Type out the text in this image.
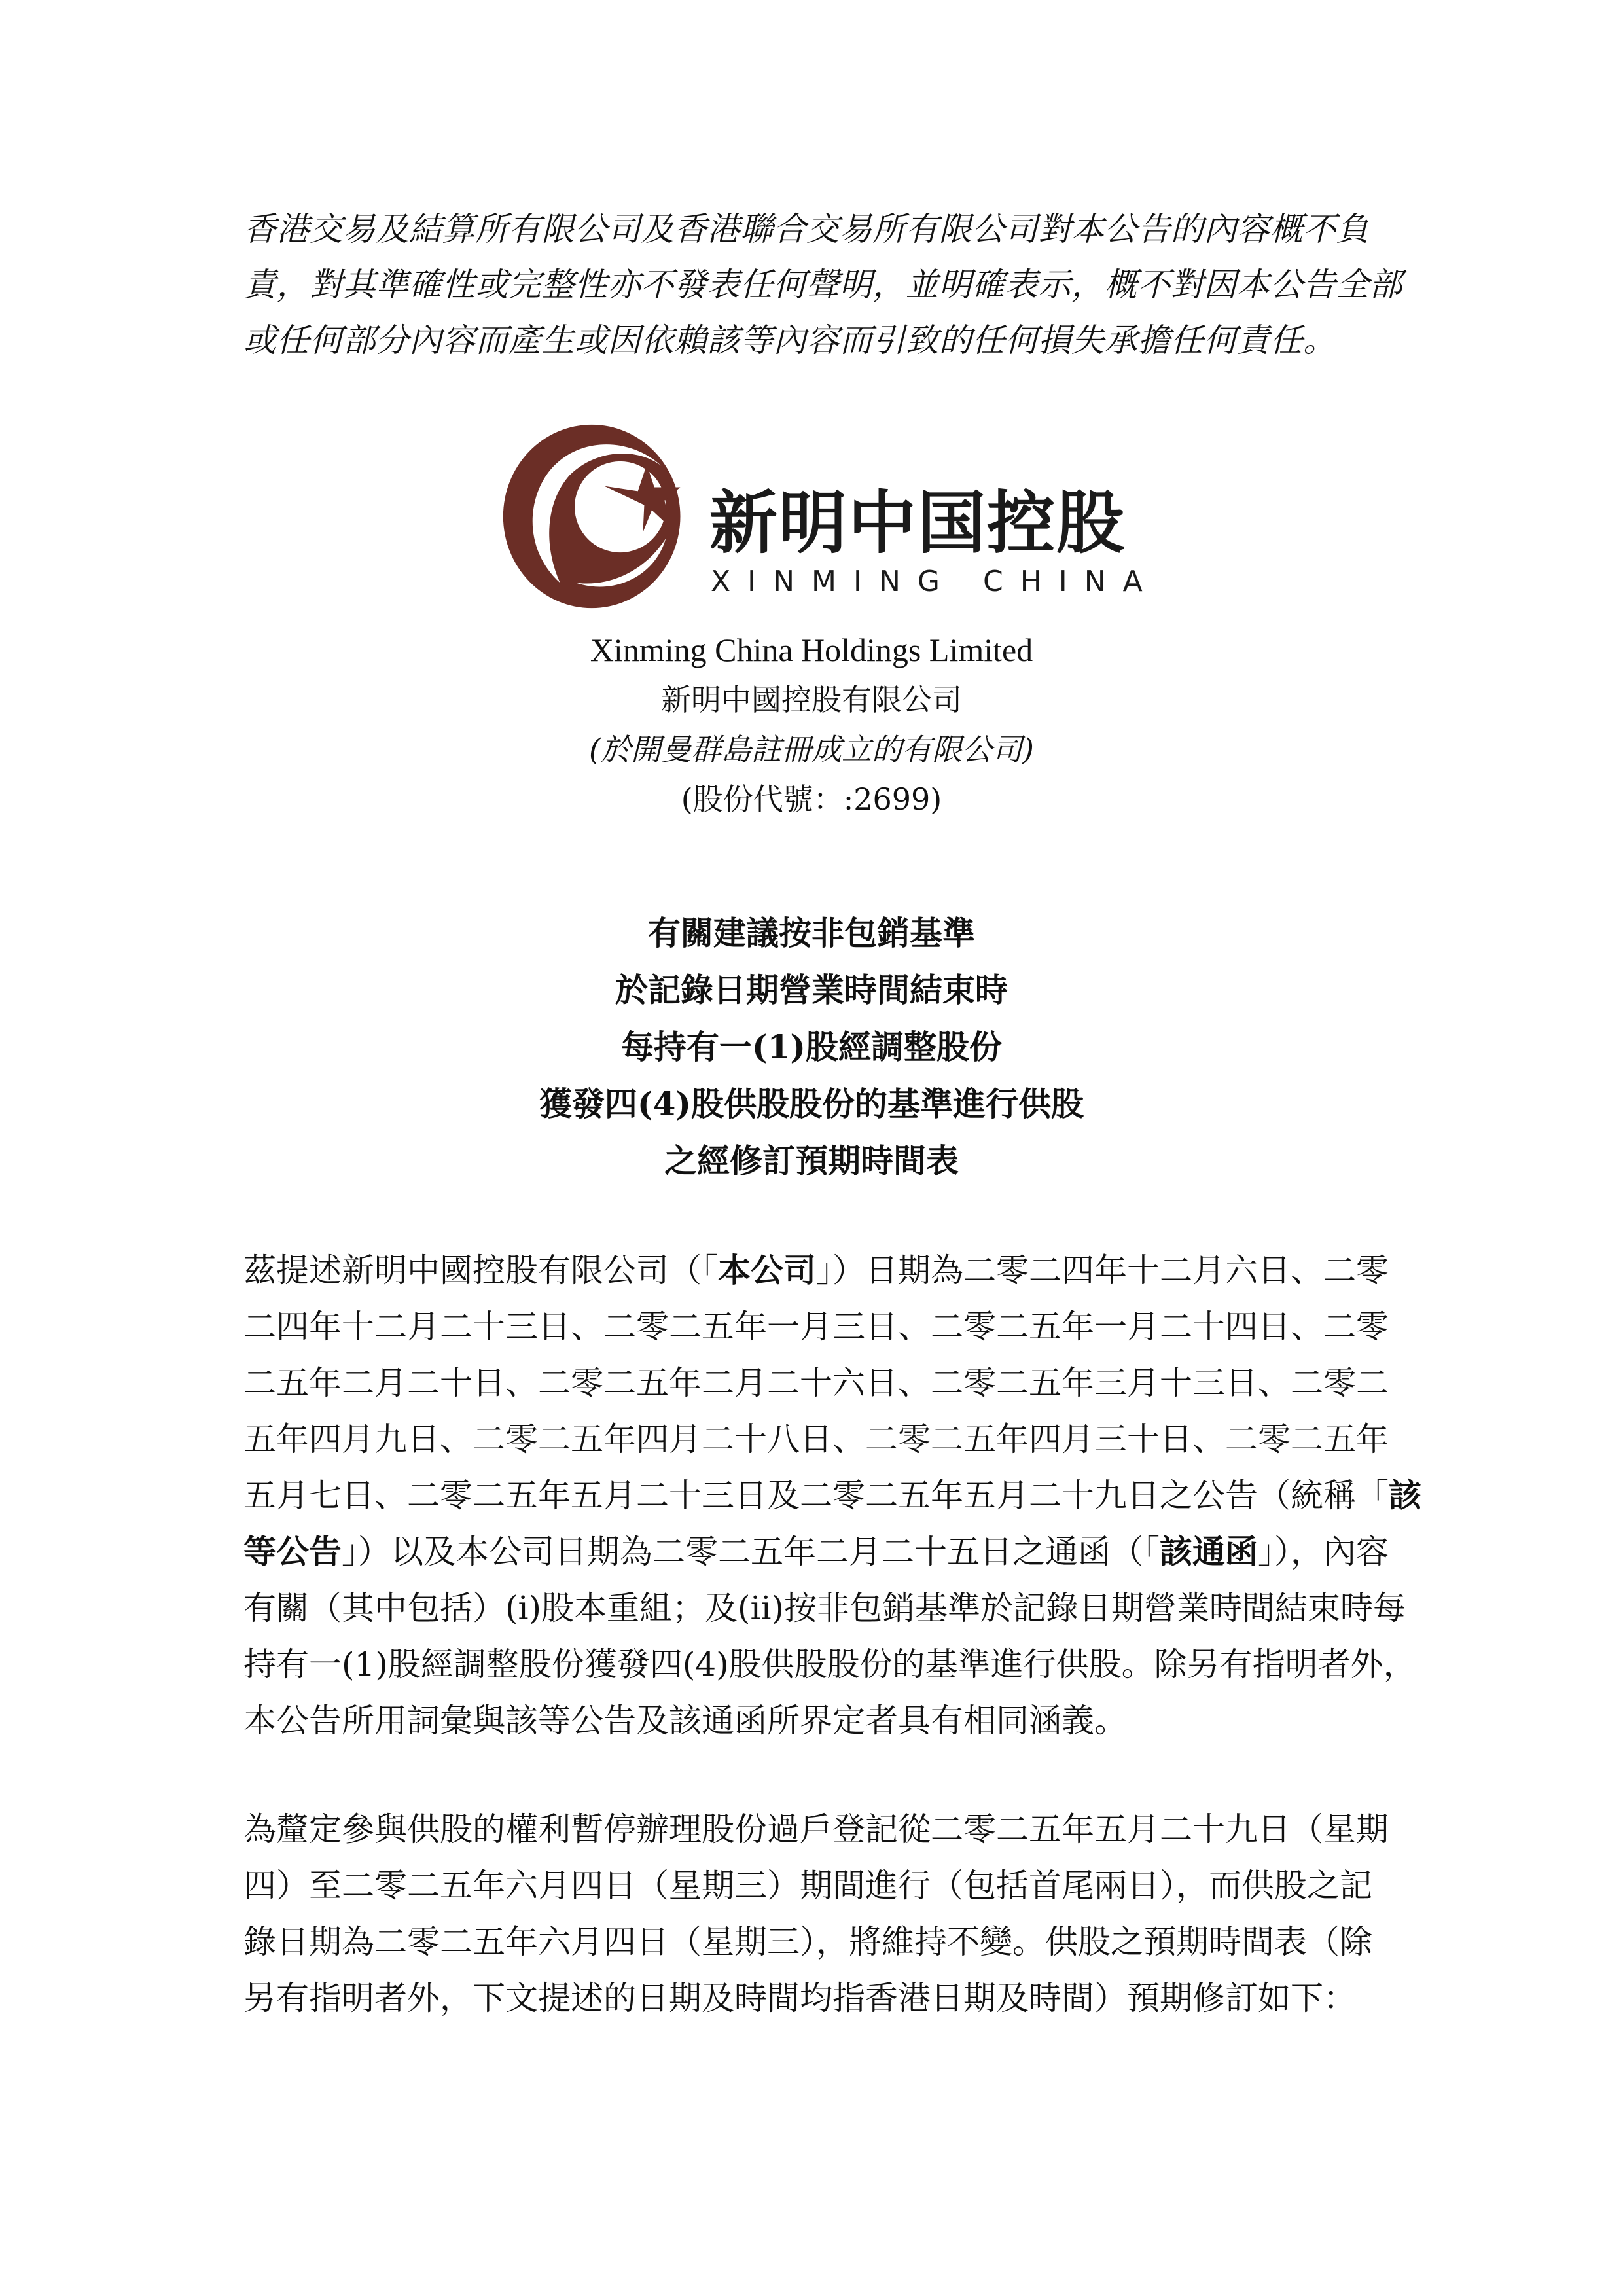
香港交易及結算所有限公司及香港聯合交易所有限公司對本公告的內容概不負
責，對其準確性或完整性亦不發表任何聲明，並明確表示，概不對因本公告全部
或任何部分內容而產生或因依賴該等內容而引致的任何損失承擔任何責任。
新明中国控股
XINMING CHINA
Xinming China Holdings Limited
新明中國控股有限公司
(於開曼群島註冊成立的有限公司)
(股份代號：:2699)
有關建議按非包銷基準
於記錄日期營業時間結束時
每持有一(1)股經調整股份
獲發四(4)股供股股份的基準進行供股
之經修訂預期時間表
茲提述新明中國控股有限公司（「本公司」）日期為二零二四年十二月六日、二零
二四年十二月二十三日、二零二五年一月三日、二零二五年一月二十四日、二零
二五年二月二十日、二零二五年二月二十六日、二零二五年三月十三日、二零二
五年四月九日、二零二五年四月二十八日、二零二五年四月三十日、二零二五年
五月七日、二零二五年五月二十三日及二零二五年五月二十九日之公告（統稱「該
等公告」）以及本公司日期為二零二五年二月二十五日之通函（「該通函」），內容
有關（其中包括）(i)股本重組；及(ii)按非包銷基準於記錄日期營業時間結束時每
持有一(1)股經調整股份獲發四(4)股供股股份的基準進行供股。除另有指明者外，
本公告所用詞彙與該等公告及該通函所界定者具有相同涵義。
為釐定參與供股的權利暫停辦理股份過戶登記從二零二五年五月二十九日（星期
四）至二零二五年六月四日（星期三）期間進行（包括首尾兩日），而供股之記
錄日期為二零二五年六月四日（星期三），將維持不變。供股之預期時間表（除
另有指明者外，下文提述的日期及時間均指香港日期及時間）預期修訂如下：
